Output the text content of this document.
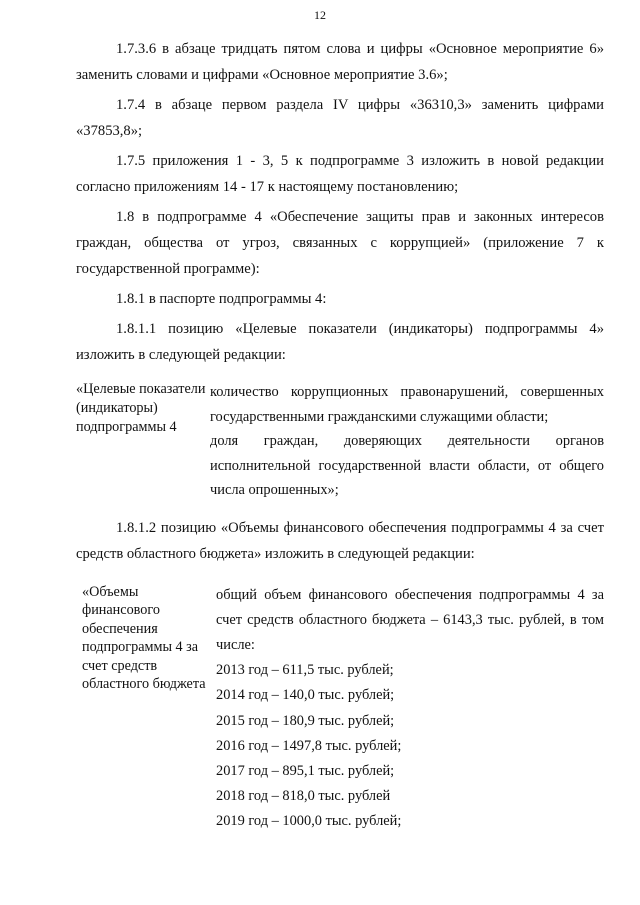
12

1.7.3.6 в абзаце тридцать пятом слова и цифры «Основное мероприятие 6» заменить словами и цифрами «Основное мероприятие 3.6»;

1.7.4 в абзаце первом раздела IV цифры «36310,3» заменить цифрами «37853,8»;

1.7.5 приложения 1 - 3, 5 к подпрограмме 3 изложить в новой редакции согласно приложениям 14 - 17 к настоящему постановлению;

1.8 в подпрограмме 4 «Обеспечение защиты прав и законных интересов граждан, общества от угроз, связанных с коррупцией» (приложение 7 к государственной программе):

1.8.1 в паспорте подпрограммы 4:

1.8.1.1 позицию «Целевые показатели (индикаторы) подпрограммы 4» изложить в следующей редакции:

«Целевые показатели (индикаторы) подпрограммы 4
количество коррупционных правонарушений, совершенных государственными гражданскими служащими области;
доля граждан, доверяющих деятельности органов исполнительной государственной власти области, от общего числа опрошенных»;

1.8.1.2 позицию «Объемы финансового обеспечения подпрограммы 4 за счет средств областного бюджета» изложить в следующей редакции:

«Объемы финансового обеспечения подпрограммы 4 за счет средств областного бюджета
общий объем финансового обеспечения подпрограммы 4 за счет средств областного бюджета – 6143,3 тыс. рублей, в том числе:
2013 год – 611,5 тыс. рублей;
2014 год – 140,0 тыс. рублей;
2015 год – 180,9 тыс. рублей;
2016 год – 1497,8 тыс. рублей;
2017 год – 895,1 тыс. рублей;
2018 год – 818,0 тыс. рублей
2019 год – 1000,0 тыс. рублей;
